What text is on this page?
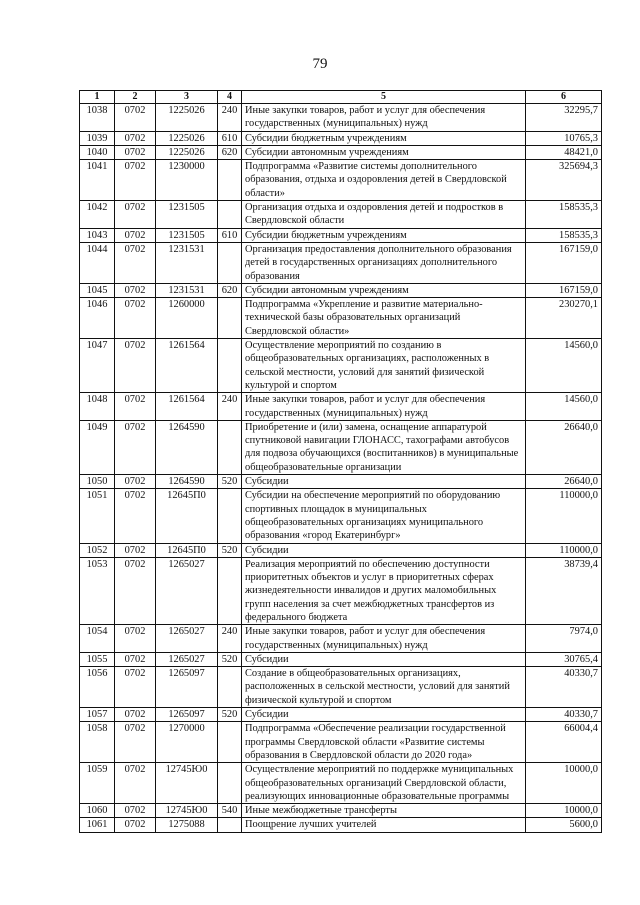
79
1	2	3	4	5	6
1038	0702	1225026	240	Иные закупки товаров, работ и услуг для обеспечения государственных (муниципальных) нужд	32295,7
1039	0702	1225026	610	Субсидии бюджетным учреждениям	10765,3
1040	0702	1225026	620	Субсидии автономным учреждениям	48421,0
1041	0702	1230000		Подпрограмма «Развитие системы дополнительного образования, отдыха и оздоровления детей в Свердловской области»	325694,3
1042	0702	1231505		Организация отдыха и оздоровления детей и подростков в Свердловской области	158535,3
1043	0702	1231505	610	Субсидии бюджетным учреждениям	158535,3
1044	0702	1231531		Организация предоставления дополнительного образования детей в государственных организациях дополнительного образования	167159,0
1045	0702	1231531	620	Субсидии автономным учреждениям	167159,0
1046	0702	1260000		Подпрограмма «Укрепление и развитие материально-технической базы образовательных организаций Свердловской области»	230270,1
1047	0702	1261564		Осуществление мероприятий по созданию в общеобразовательных организациях, расположенных в сельской местности, условий для занятий физической культурой и спортом	14560,0
1048	0702	1261564	240	Иные закупки товаров, работ и услуг для обеспечения государственных (муниципальных) нужд	14560,0
1049	0702	1264590		Приобретение и (или) замена, оснащение аппаратурой спутниковой навигации ГЛОНАСС, тахографами автобусов для подвоза обучающихся (воспитанников) в муниципальные общеобразовательные организации	26640,0
1050	0702	1264590	520	Субсидии	26640,0
1051	0702	12645П0		Субсидии на обеспечение мероприятий по оборудованию спортивных площадок в муниципальных общеобразовательных организациях муниципального образования «город Екатеринбург»	110000,0
1052	0702	12645П0	520	Субсидии	110000,0
1053	0702	1265027		Реализация мероприятий по обеспечению доступности приоритетных объектов и услуг в приоритетных сферах жизнедеятельности инвалидов и других маломобильных групп населения за счет межбюджетных трансфертов из федерального бюджета	38739,4
1054	0702	1265027	240	Иные закупки товаров, работ и услуг для обеспечения государственных (муниципальных) нужд	7974,0
1055	0702	1265027	520	Субсидии	30765,4
1056	0702	1265097		Создание в общеобразовательных организациях, расположенных в сельской местности, условий для занятий физической культурой и спортом	40330,7
1057	0702	1265097	520	Субсидии	40330,7
1058	0702	1270000		Подпрограмма «Обеспечение реализации государственной программы Свердловской области «Развитие системы образования в Свердловской области до 2020 года»	66004,4
1059	0702	12745Ю0		Осуществление мероприятий по поддержке муниципальных общеобразовательных организаций Свердловской области, реализующих инновационные образовательные программы	10000,0
1060	0702	12745Ю0	540	Иные межбюджетные трансферты	10000,0
1061	0702	1275088		Поощрение лучших учителей	5600,0
